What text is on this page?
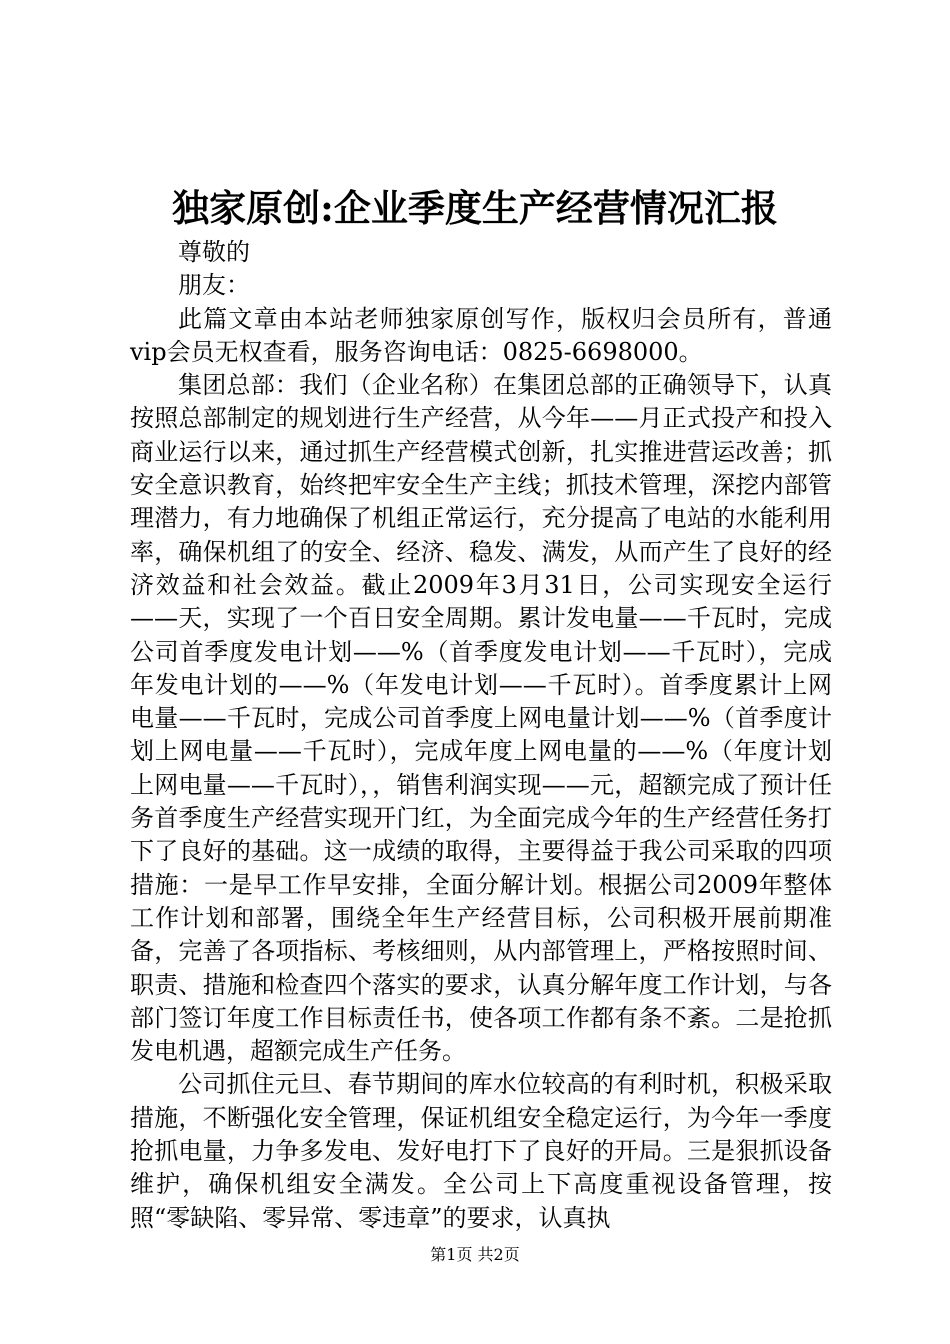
独家原创:企业季度生产经营情况汇报

尊敬的

朋友：

此篇文章由本站老师独家原创写作，版权归会员所有，普通vip会员无权查看，服务咨询电话：0825-6698000。

集团总部：我们（企业名称）在集团总部的正确领导下，认真按照总部制定的规划进行生产经营，从今年——月正式投产和投入商业运行以来，通过抓生产经营模式创新，扎实推进营运改善；抓安全意识教育，始终把牢安全生产主线；抓技术管理，深挖内部管理潜力，有力地确保了机组正常运行，充分提高了电站的水能利用率，确保机组了的安全、经济、稳发、满发，从而产生了良好的经济效益和社会效益。截止2009年3月31日，公司实现安全运行——天，实现了一个百日安全周期。累计发电量——千瓦时，完成公司首季度发电计划——%（首季度发电计划——千瓦时），完成年发电计划的——%（年发电计划——千瓦时）。首季度累计上网电量——千瓦时，完成公司首季度上网电量计划——%（首季度计划上网电量——千瓦时），完成年度上网电量的——%（年度计划上网电量——千瓦时），，销售利润实现——元，超额完成了预计任务首季度生产经营实现开门红，为全面完成今年的生产经营任务打下了良好的基础。这一成绩的取得，主要得益于我公司采取的四项措施：一是早工作早安排，全面分解计划。根据公司2009年整体工作计划和部署，围绕全年生产经营目标，公司积极开展前期准备，完善了各项指标、考核细则，从内部管理上，严格按照时间、职责、措施和检查四个落实的要求，认真分解年度工作计划，与各部门签订年度工作目标责任书，使各项工作都有条不紊。二是抢抓发电机遇，超额完成生产任务。

公司抓住元旦、春节期间的库水位较高的有利时机，积极采取措施，不断强化安全管理，保证机组安全稳定运行，为今年一季度抢抓电量，力争多发电、发好电打下了良好的开局。三是狠抓设备维护，确保机组安全满发。全公司上下高度重视设备管理，按照“零缺陷、零异常、零违章”的要求，认真执

第1页 共2页
